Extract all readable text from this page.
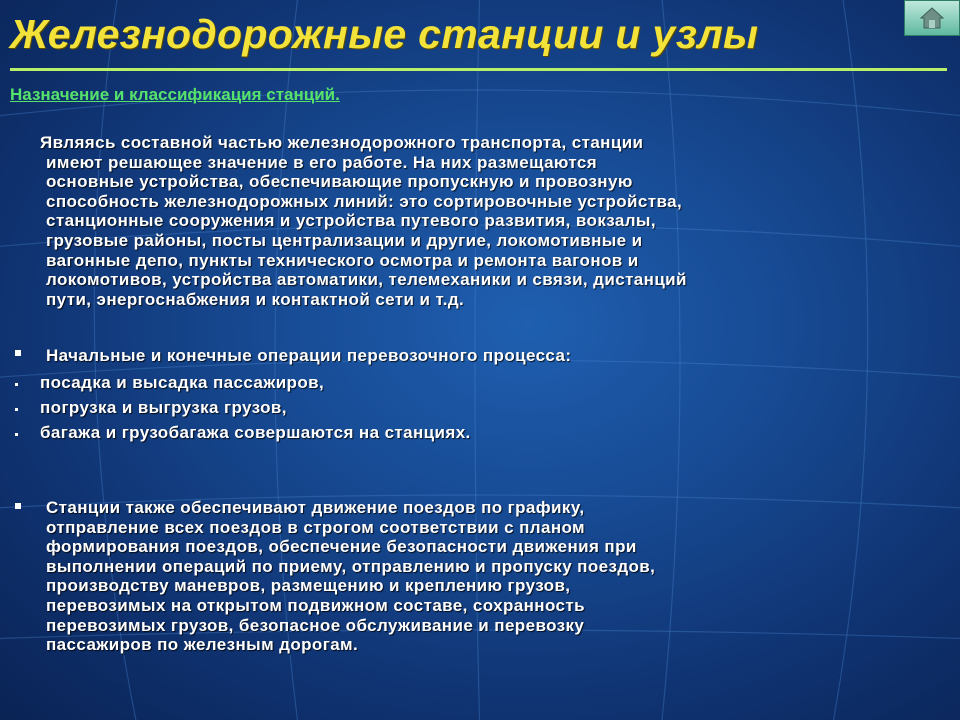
Железнодорожные станции и узлы
Назначение и классификация станций.
Являясь составной частью железнодорожного транспорта, станции
имеют решающее значение в его работе. На них размещаются
основные устройства, обеспечивающие пропускную и провозную
способность железнодорожных линий: это сортировочные устройства,
станционные сооружения и устройства путевого развития, вокзалы,
грузовые районы, посты централизации и другие, локомотивные и
вагонные депо, пункты технического осмотра и ремонта вагонов и
локомотивов, устройства автоматики, телемеханики и связи, дистанций
пути, энергоснабжения и контактной сети и т.д.
Начальные и конечные операции перевозочного процесса:
посадка и высадка пассажиров,
погрузка и выгрузка грузов,
багажа и грузобагажа совершаются на станциях.
Станции также обеспечивают движение поездов по графику,
отправление всех поездов в строгом соответствии с планом
формирования поездов, обеспечение безопасности движения при
выполнении операций по приему, отправлению и пропуску поездов,
производству маневров, размещению и креплению грузов,
перевозимых на открытом подвижном составе, сохранность
перевозимых грузов, безопасное обслуживание и перевозку
пассажиров по железным дорогам.
